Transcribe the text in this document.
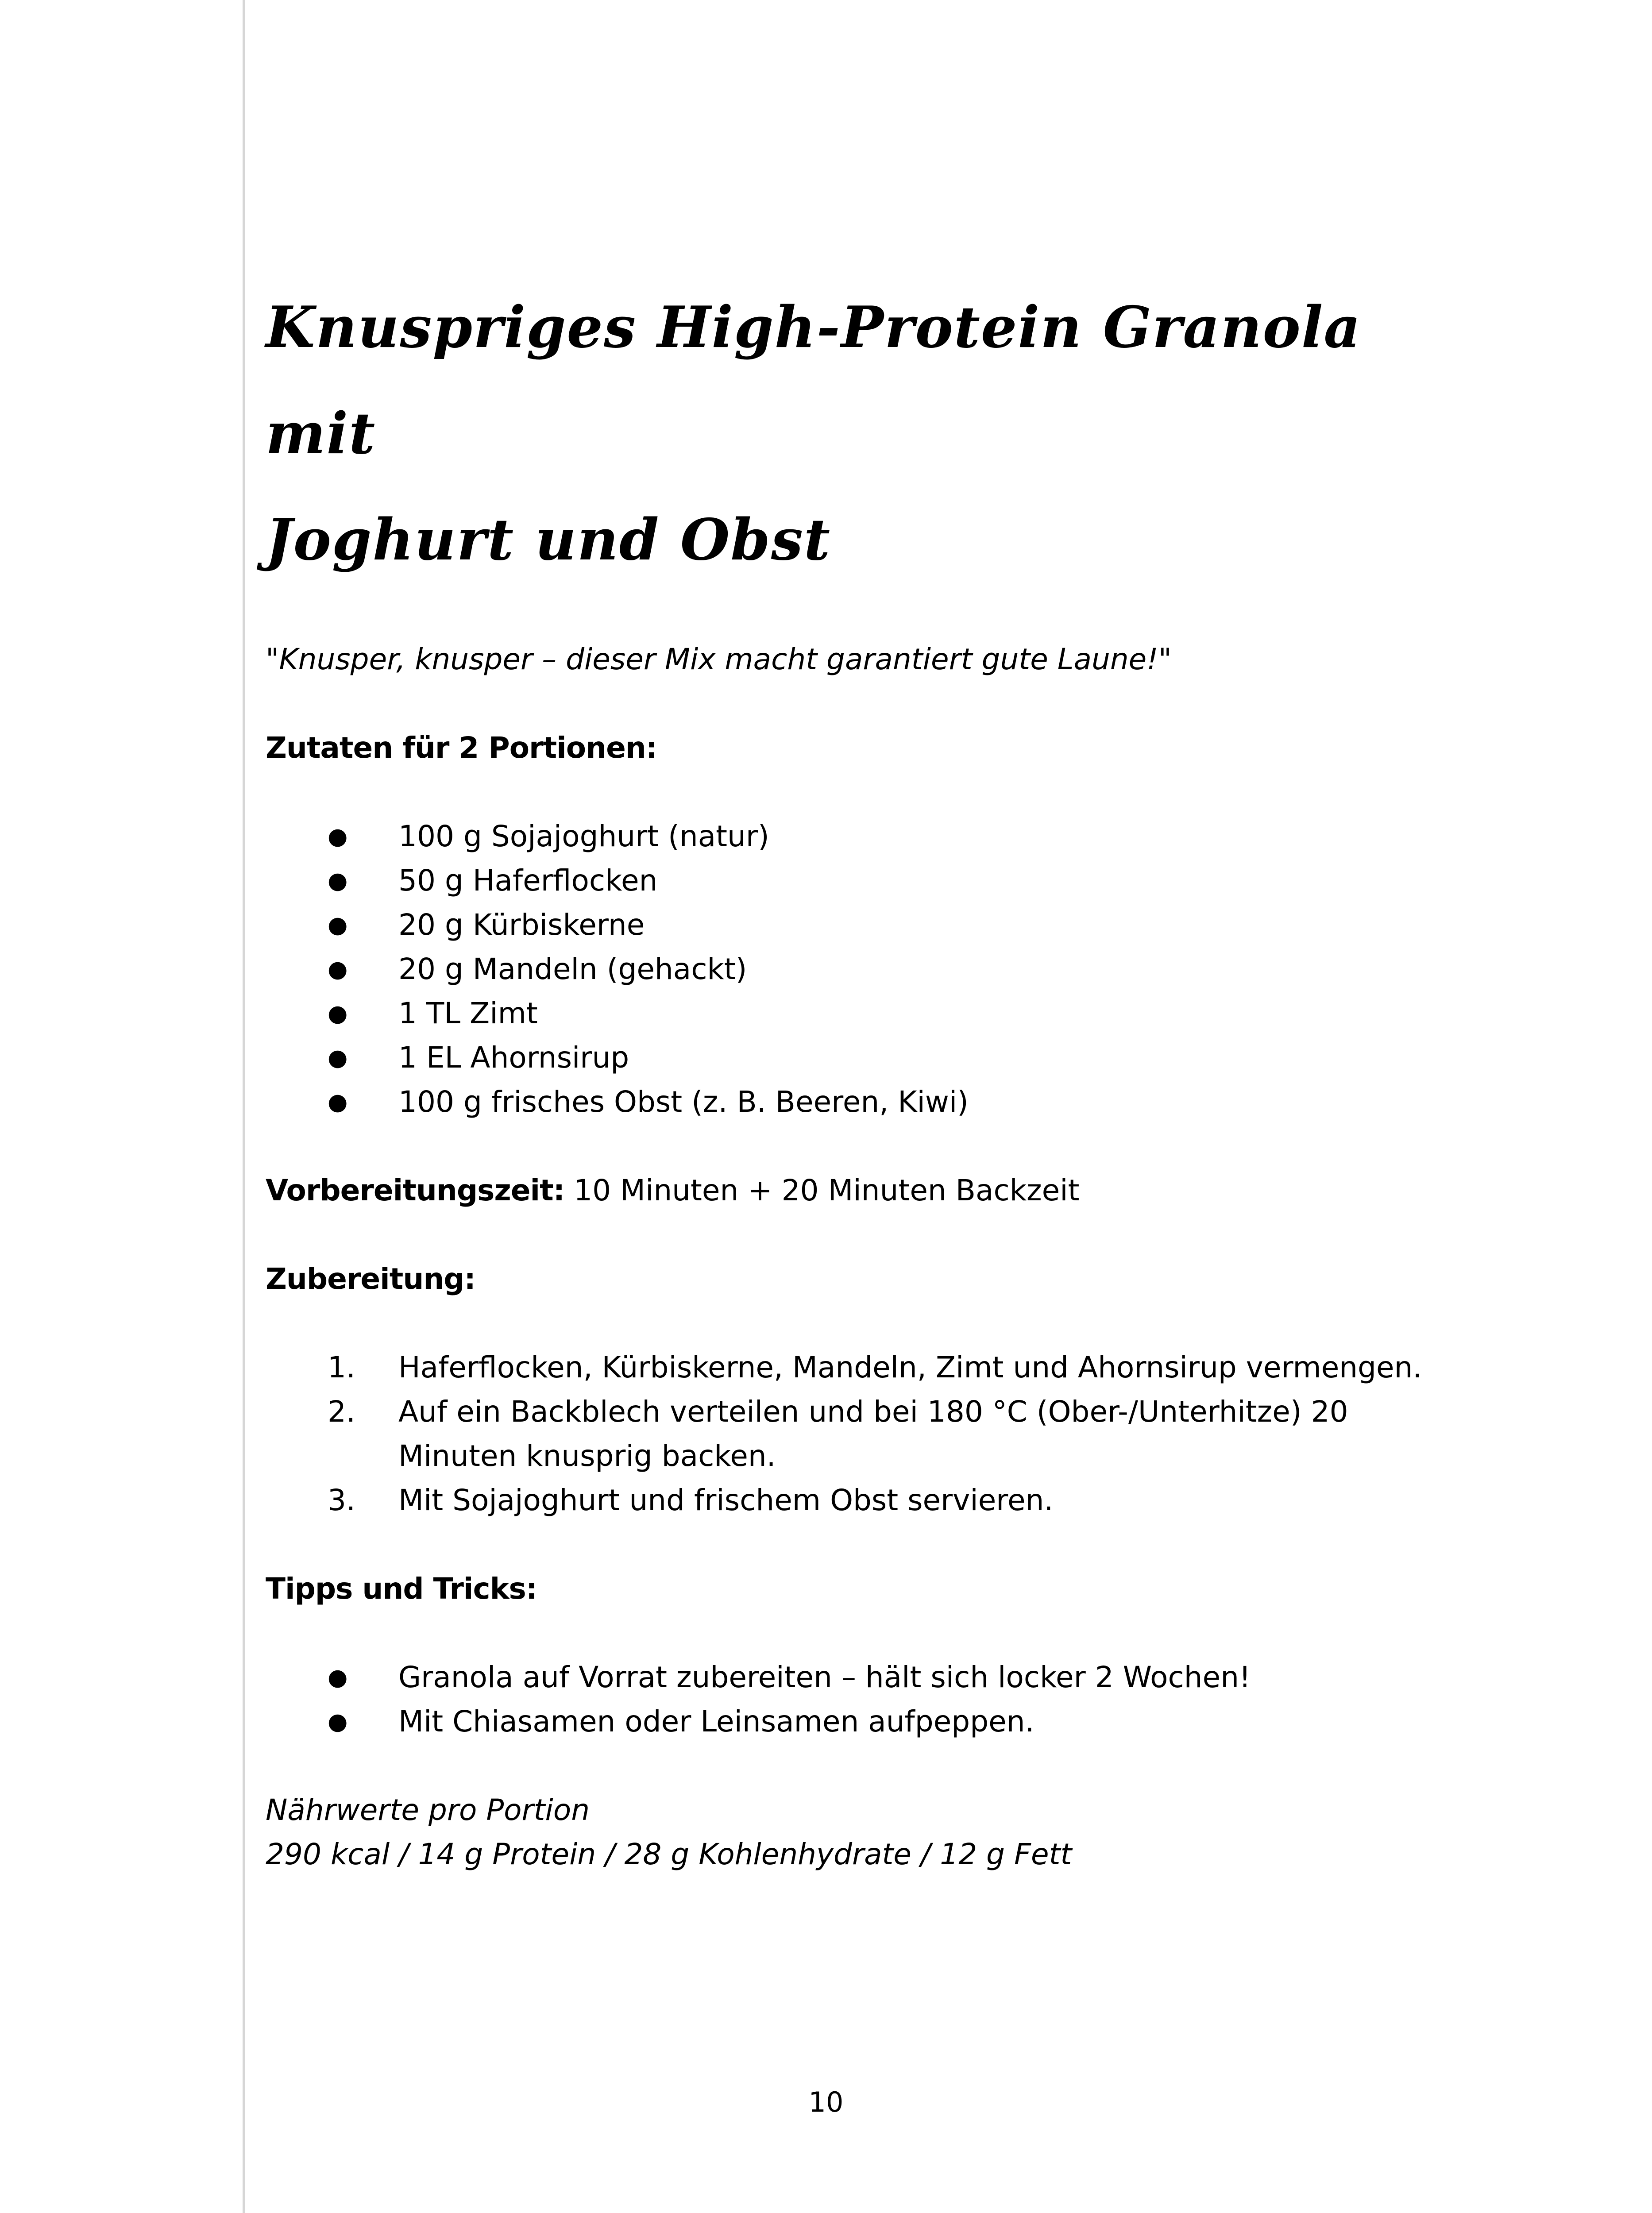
Knuspriges High-Protein Granola mit
Joghurt und Obst

"Knusper, knusper – dieser Mix macht garantiert gute Laune!"

Zutaten für 2 Portionen:

●	100 g Sojajoghurt (natur)
●	50 g Haferflocken
●	20 g Kürbiskerne
●	20 g Mandeln (gehackt)
●	1 TL Zimt
●	1 EL Ahornsirup
●	100 g frisches Obst (z. B. Beeren, Kiwi)

Vorbereitungszeit: 10 Minuten + 20 Minuten Backzeit

Zubereitung:

1.	Haferflocken, Kürbiskerne, Mandeln, Zimt und Ahornsirup vermengen.
2.	Auf ein Backblech verteilen und bei 180 °C (Ober-/Unterhitze) 20 Minuten knusprig backen.
3.	Mit Sojajoghurt und frischem Obst servieren.

Tipps und Tricks:

●	Granola auf Vorrat zubereiten – hält sich locker 2 Wochen!
●	Mit Chiasamen oder Leinsamen aufpeppen.
Nährwerte pro Portion
290 kcal / 14 g Protein / 28 g Kohlenhydrate / 12 g Fett
10
